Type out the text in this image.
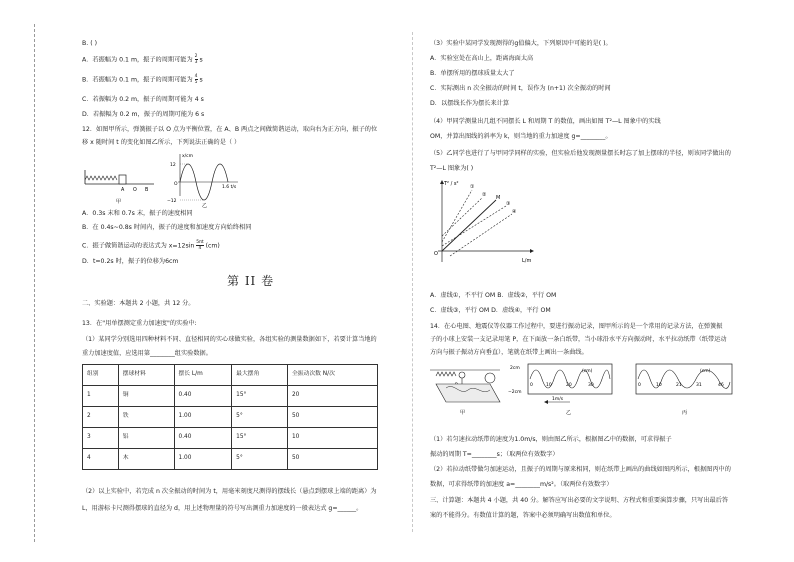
B. ( )
A．若振幅为 0.1 m，振子的周期可能为 $\frac{2}{3}$ s
B．若振幅为 0.1 m，振子的周期可能为 $\frac{4}{5}$ s
C．若振幅为 0.2 m，振子的周期可能为 4 s
D．若振幅为 0.2 m，振子的周期可能为 6 s
12．如图甲所示，弹簧振子以 O 点为平衡位置，在 A、B 两点之间做简谐运动，取向右为正方向，振子的位
移 x 随时间 t 的变化如图乙所示，下列说法正确的是（ ）
A O B
甲
x/cm
12
−12
O
1.6 t/s
乙
A．0.3s 末和 0.7s 末，振子的速度相同
B．在 0.4s~0.8s 时间内，振子的速度和加速度方向始终相同
C．振子做简谐运动的表达式为 $x=12\sin \frac{5\pi t}{4} (cm)$
D．t=0.2s 时，振子的位移为6cm
第 II 卷
二、实验题：本题共 2 小题，共 12 分。
13．在"用单摆测定重力加速度"的实验中:
（1）某同学分别选用四种材料不同、直径相同的实心球做实验，各组实验的测量数据如下，若要计算当地的
重力加速度值，应选用第________组实验数据。
组别	摆球材料	摆长 L/m	最大摆角	全振动次数 N/次
1	铜	0.40	15°	20
2	铁	1.00	5°	50
3	铝	0.40	15°	10
4	木	1.00	5°	50
（2）以上实验中，若完成 n 次全振动的时间为 t，用毫米刻度尺测得的摆线长（悬点到摆球上端的距离）为
L，用游标卡尺测得摆球的直径为 d，用上述物理量的符号写出测重力加速度的一般表达式 g=______。
（3）实验中某同学发现测得的g值偏大，下列原因中可能的是( )。
A．实验室处在高山上，距离海面太高
B．单摆所用的摆球质量太大了
C．实际测出 n 次全振动的时间 t，误作为 (n+1) 次全振动的时间
D．以摆线长作为摆长来计算
（4）甲同学测量出几组不同摆长 L 和周期 T 的数值，画出如图 T²—L 图象中的实线
OM，并算出图线的斜率为 k，则当地的重力加速度 g=________。
（5）乙同学也进行了与甲同学同样的实验，但实验后他发现测量摆长时忘了加上摆球的半径，则该同学做出的
T²—L 图象为( )
T² / s²
L/m
O
M
①
②
③
④
A．虚线①，不平行 OM B．虚线②，平行 OM
C．虚线③，平行 OM D．虚线④，平行 OM
14．在心电图、地震仪等仪器工作过程中，要进行振动记录，图甲所示的是一个常用的记录方法，在弹簧振
子的小球上安装一支记录用笔 P，在下面放一条白纸带，当小球沿水平方向振动时，水平拉动纸带（纸带运动
方向与振子振动方向垂直），笔就在纸带上画出一条曲线。
甲
2cm
−2cm
(cm)
0	10	20	30
1m/s
乙
(cm)
0	10	21	31	46
丙
（1）若匀速拉动纸带的速度为1.0m/s，则由图乙所示，根据图乙中的数据，可求得振子
振动的周期 T=________s；（取两位有效数字）
（2）若拉动纸带做匀加速运动，且振子的周期与原来相同，则在纸带上画出的曲线如图丙所示，根据图丙中的
数据，可求得纸带的加速度 a=________m/s²。（取两位有效数字）
三、计算题：本题共 4 小题，共 40 分。解答应写出必要的文字说明、方程式和重要演算步骤，只写出最后答
案的不能得分。有数值计算的题，答案中必须明确写出数值和单位。
